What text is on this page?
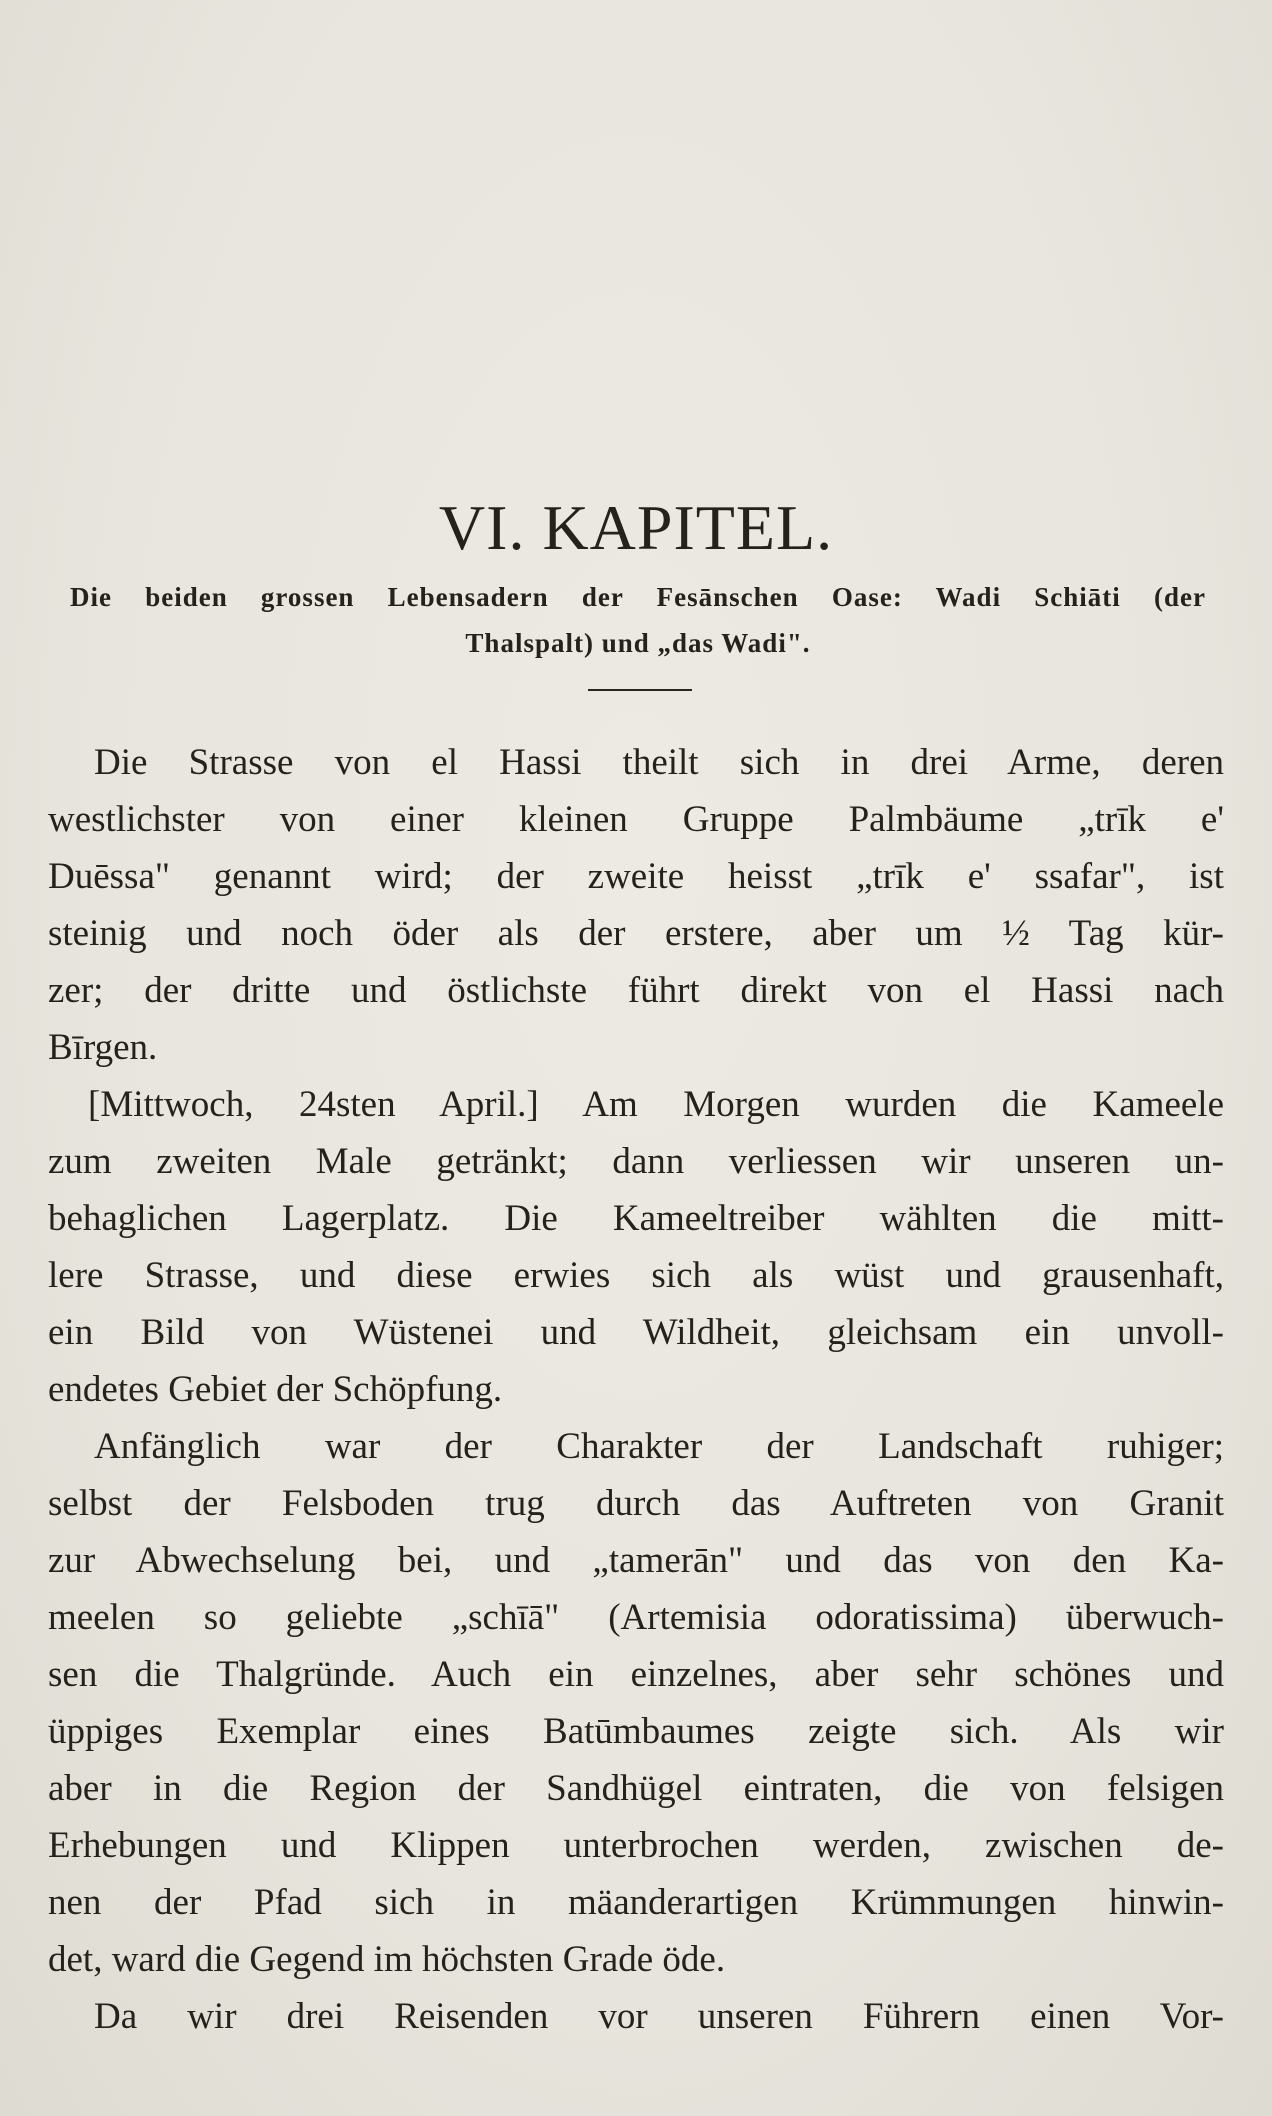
VI. KAPITEL.
Die beiden grossen Lebensadern der Fesānschen Oase: Wadi Schiāti (der
Thalspalt) und „das Wadi".
Die Strasse von el Hassi theilt sich in drei Arme, deren
westlichster von einer kleinen Gruppe Palmbäume „trīk e'
Duēssa" genannt wird; der zweite heisst „trīk e' ssafar", ist
steinig und noch öder als der erstere, aber um ½ Tag kür-
zer; der dritte und östlichste führt direkt von el Hassi nach
Bīrgen.
[Mittwoch, 24sten April.] Am Morgen wurden die Kameele
zum zweiten Male getränkt; dann verliessen wir unseren un-
behaglichen Lagerplatz. Die Kameeltreiber wählten die mitt-
lere Strasse, und diese erwies sich als wüst und grausenhaft,
ein Bild von Wüstenei und Wildheit, gleichsam ein unvoll-
endetes Gebiet der Schöpfung.
Anfänglich war der Charakter der Landschaft ruhiger;
selbst der Felsboden trug durch das Auftreten von Granit
zur Abwechselung bei, und „tamerān" und das von den Ka-
meelen so geliebte „schīā" (Artemisia odoratissima) überwuch-
sen die Thalgründe. Auch ein einzelnes, aber sehr schönes und
üppiges Exemplar eines Batūmbaumes zeigte sich. Als wir
aber in die Region der Sandhügel eintraten, die von felsigen
Erhebungen und Klippen unterbrochen werden, zwischen de-
nen der Pfad sich in mäanderartigen Krümmungen hinwin-
det, ward die Gegend im höchsten Grade öde.
Da wir drei Reisenden vor unseren Führern einen Vor-
